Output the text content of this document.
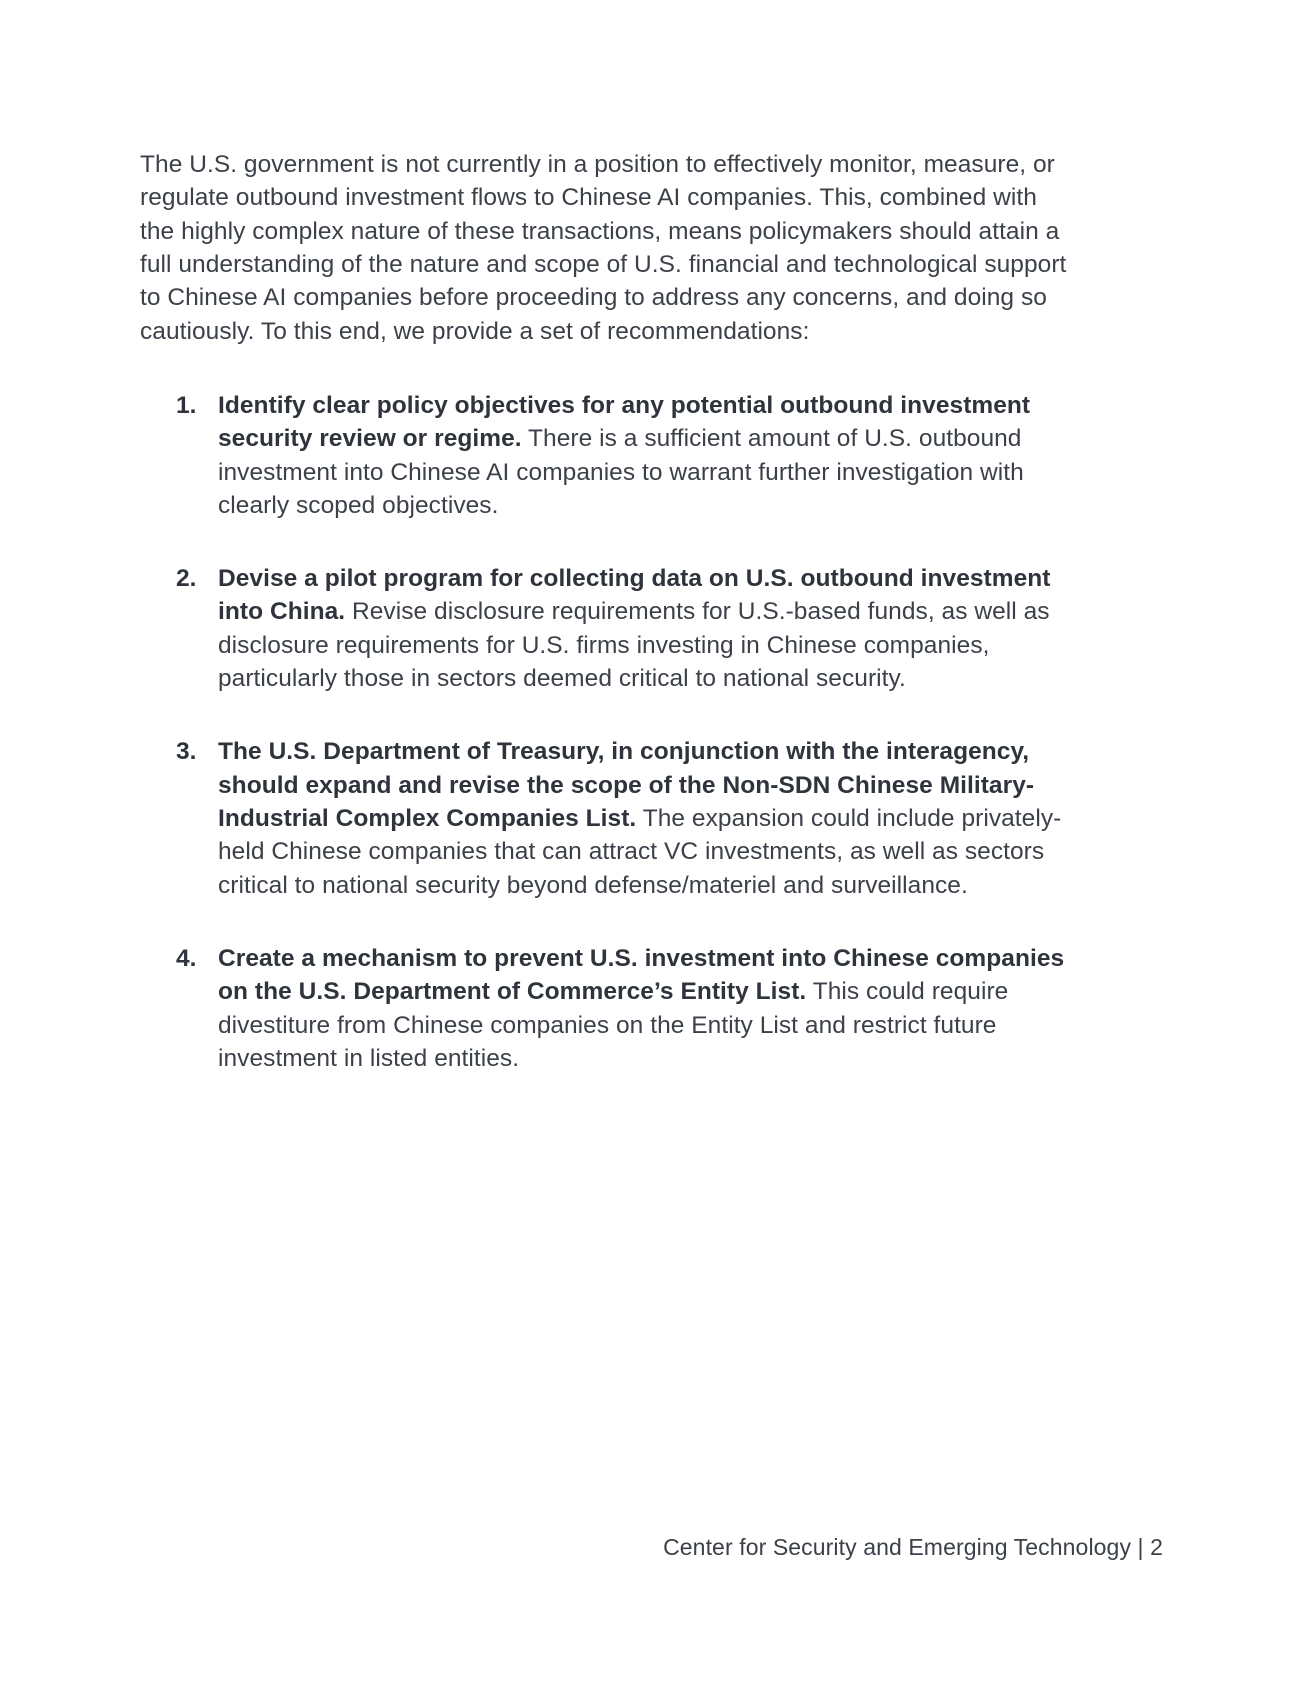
The U.S. government is not currently in a position to effectively monitor, measure, or regulate outbound investment flows to Chinese AI companies. This, combined with the highly complex nature of these transactions, means policymakers should attain a full understanding of the nature and scope of U.S. financial and technological support to Chinese AI companies before proceeding to address any concerns, and doing so cautiously. To this end, we provide a set of recommendations:

1. Identify clear policy objectives for any potential outbound investment security review or regime. There is a sufficient amount of U.S. outbound investment into Chinese AI companies to warrant further investigation with clearly scoped objectives.
2. Devise a pilot program for collecting data on U.S. outbound investment into China. Revise disclosure requirements for U.S.-based funds, as well as disclosure requirements for U.S. firms investing in Chinese companies, particularly those in sectors deemed critical to national security.
3. The U.S. Department of Treasury, in conjunction with the interagency, should expand and revise the scope of the Non-SDN Chinese Military-Industrial Complex Companies List. The expansion could include privately-held Chinese companies that can attract VC investments, as well as sectors critical to national security beyond defense/materiel and surveillance.
4. Create a mechanism to prevent U.S. investment into Chinese companies on the U.S. Department of Commerce’s Entity List. This could require divestiture from Chinese companies on the Entity List and restrict future investment in listed entities.
Center for Security and Emerging Technology | 2
